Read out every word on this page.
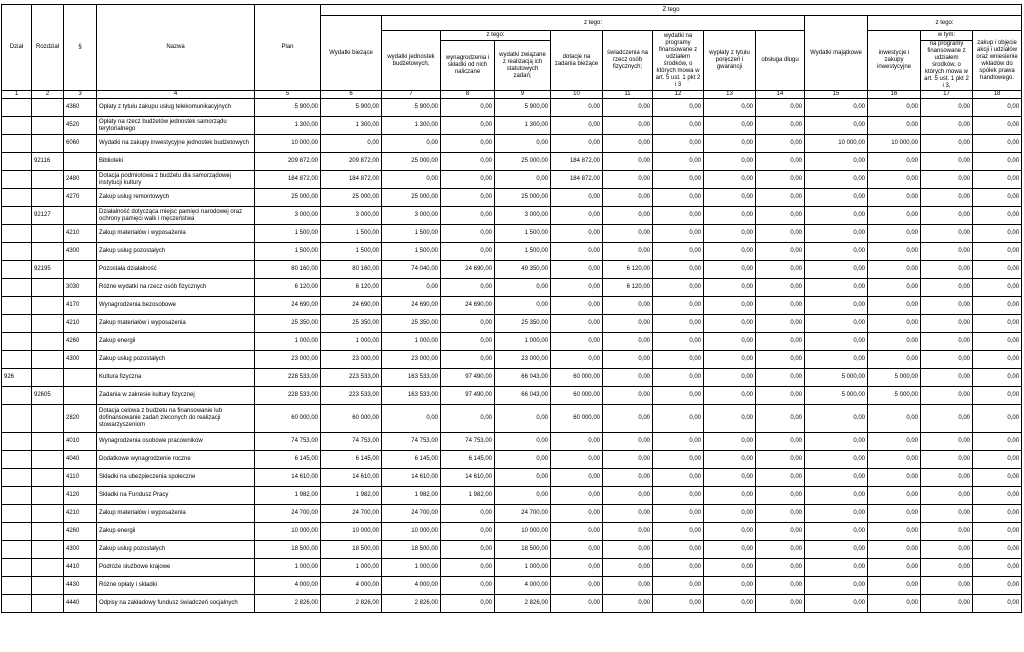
Dział	Rozdział	§	Nazwa	Plan	Z tego												
					Wydatki bieżące	z tego:								Wydatki majątkowe	z tego:		
						wydatki jednostek budżetowych,	z tego:		dotacje na zadania bieżące	świadczenia na rzecz osób fizycznych;	wydatki na programy finansowane z udziałem środków, o których mowa w art. 5 ust. 1 pkt 2 i 3	wypłaty z tytułu poręczeń i gwarancji	obsługa długu		inwestycje i zakupy inwestycyjne	w tym:	zakup i objęcie akcji i udziałów oraz wniesienie wkładów do spółek prawa handlowego.
							wynagrodzenia i składki od nich naliczane	wydatki związane z realizacją ich statutowych zadań;								na programy finansowane z udziałem środków, o których mowa w art. 5 ust. 1 pkt 2 i 3,	

1	2	3	4	5	6	7	8	9	10	11	12	13	14	15	16	17	18
		4360	Opłaty z tytułu zakupu usług telekomunikacyjnych	5 900,00	5 900,00	5 900,00	0,00	5 900,00	0,00	0,00	0,00	0,00	0,00	0,00	0,00	0,00	0,00
		4520	Opłaty na rzecz budżetów jednostek samorządu terytorialnego	1 300,00	1 300,00	1 300,00	0,00	1 300,00	0,00	0,00	0,00	0,00	0,00	0,00	0,00	0,00	0,00
		6060	Wydatki na zakupy inwestycyjne jednostek budżetowych	10 000,00	0,00	0,00	0,00	0,00	0,00	0,00	0,00	0,00	0,00	10 000,00	10 000,00	0,00	0,00
	92116		Biblioteki	209 872,00	209 872,00	25 000,00	0,00	25 000,00	184 872,00	0,00	0,00	0,00	0,00	0,00	0,00	0,00	0,00
		2480	Dotacja podmiotowa z budżetu dla samorządowej instytucji kultury	184 872,00	184 872,00	0,00	0,00	0,00	184 872,00	0,00	0,00	0,00	0,00	0,00	0,00	0,00	0,00
		4270	Zakup usług remontowych	25 000,00	25 000,00	25 000,00	0,00	25 000,00	0,00	0,00	0,00	0,00	0,00	0,00	0,00	0,00	0,00
	92127		Działalność dotycząca miejsc pamięci narodowej oraz ochrony pamięci walk i męczeństwa	3 000,00	3 000,00	3 000,00	0,00	3 000,00	0,00	0,00	0,00	0,00	0,00	0,00	0,00	0,00	0,00
		4210	Zakup materiałów i wyposażenia	1 500,00	1 500,00	1 500,00	0,00	1 500,00	0,00	0,00	0,00	0,00	0,00	0,00	0,00	0,00	0,00
		4300	Zakup usług pozostałych	1 500,00	1 500,00	1 500,00	0,00	1 500,00	0,00	0,00	0,00	0,00	0,00	0,00	0,00	0,00	0,00
	92195		Pozostała działalność	80 160,00	80 160,00	74 040,00	24 690,00	49 350,00	0,00	6 120,00	0,00	0,00	0,00	0,00	0,00	0,00	0,00
		3030	Różne wydatki na rzecz osób fizycznych	6 120,00	6 120,00	0,00	0,00	0,00	0,00	6 120,00	0,00	0,00	0,00	0,00	0,00	0,00	0,00
		4170	Wynagrodzenia bezosobowe	24 690,00	24 690,00	24 690,00	24 690,00	0,00	0,00	0,00	0,00	0,00	0,00	0,00	0,00	0,00	0,00
		4210	Zakup materiałów i wyposażenia	25 350,00	25 350,00	25 350,00	0,00	25 350,00	0,00	0,00	0,00	0,00	0,00	0,00	0,00	0,00	0,00
		4260	Zakup energii	1 000,00	1 000,00	1 000,00	0,00	1 000,00	0,00	0,00	0,00	0,00	0,00	0,00	0,00	0,00	0,00
		4300	Zakup usług pozostałych	23 000,00	23 000,00	23 000,00	0,00	23 000,00	0,00	0,00	0,00	0,00	0,00	0,00	0,00	0,00	0,00
926			Kultura fizyczna	228 533,00	223 533,00	163 533,00	97 490,00	66 043,00	60 000,00	0,00	0,00	0,00	0,00	5 000,00	5 000,00	0,00	0,00
	92605		Zadania w zakresie kultury fizycznej	228 533,00	223 533,00	163 533,00	97 490,00	66 043,00	60 000,00	0,00	0,00	0,00	0,00	5 000,00	5 000,00	0,00	0,00
		2820	Dotacja celowa z budżetu na finansowanie lub dofinansowanie zadań zleconych do realizacji stowarzyszeniom	60 000,00	60 000,00	0,00	0,00	0,00	60 000,00	0,00	0,00	0,00	0,00	0,00	0,00	0,00	0,00
		4010	Wynagrodzenia osobowe pracowników	74 753,00	74 753,00	74 753,00	74 753,00	0,00	0,00	0,00	0,00	0,00	0,00	0,00	0,00	0,00	0,00
		4040	Dodatkowe wynagrodzenie roczne	6 145,00	6 145,00	6 145,00	6 145,00	0,00	0,00	0,00	0,00	0,00	0,00	0,00	0,00	0,00	0,00
		4110	Składki na ubezpieczenia społeczne	14 610,00	14 610,00	14 610,00	14 610,00	0,00	0,00	0,00	0,00	0,00	0,00	0,00	0,00	0,00	0,00
		4120	Składki na Fundusz Pracy	1 982,00	1 982,00	1 982,00	1 982,00	0,00	0,00	0,00	0,00	0,00	0,00	0,00	0,00	0,00	0,00
		4210	Zakup materiałów i wyposażenia	24 700,00	24 700,00	24 700,00	0,00	24 700,00	0,00	0,00	0,00	0,00	0,00	0,00	0,00	0,00	0,00
		4260	Zakup energii	10 000,00	10 000,00	10 000,00	0,00	10 000,00	0,00	0,00	0,00	0,00	0,00	0,00	0,00	0,00	0,00
		4300	Zakup usług pozostałych	18 500,00	18 500,00	18 500,00	0,00	18 500,00	0,00	0,00	0,00	0,00	0,00	0,00	0,00	0,00	0,00
		4410	Podróże służbowe krajowe	1 000,00	1 000,00	1 000,00	0,00	1 000,00	0,00	0,00	0,00	0,00	0,00	0,00	0,00	0,00	0,00
		4430	Różne opłaty i składki	4 000,00	4 000,00	4 000,00	0,00	4 000,00	0,00	0,00	0,00	0,00	0,00	0,00	0,00	0,00	0,00
		4440	Odpisy na zakładowy fundusz świadczeń socjalnych	2 826,00	2 826,00	2 826,00	0,00	2 826,00	0,00	0,00	0,00	0,00	0,00	0,00	0,00	0,00	0,00
